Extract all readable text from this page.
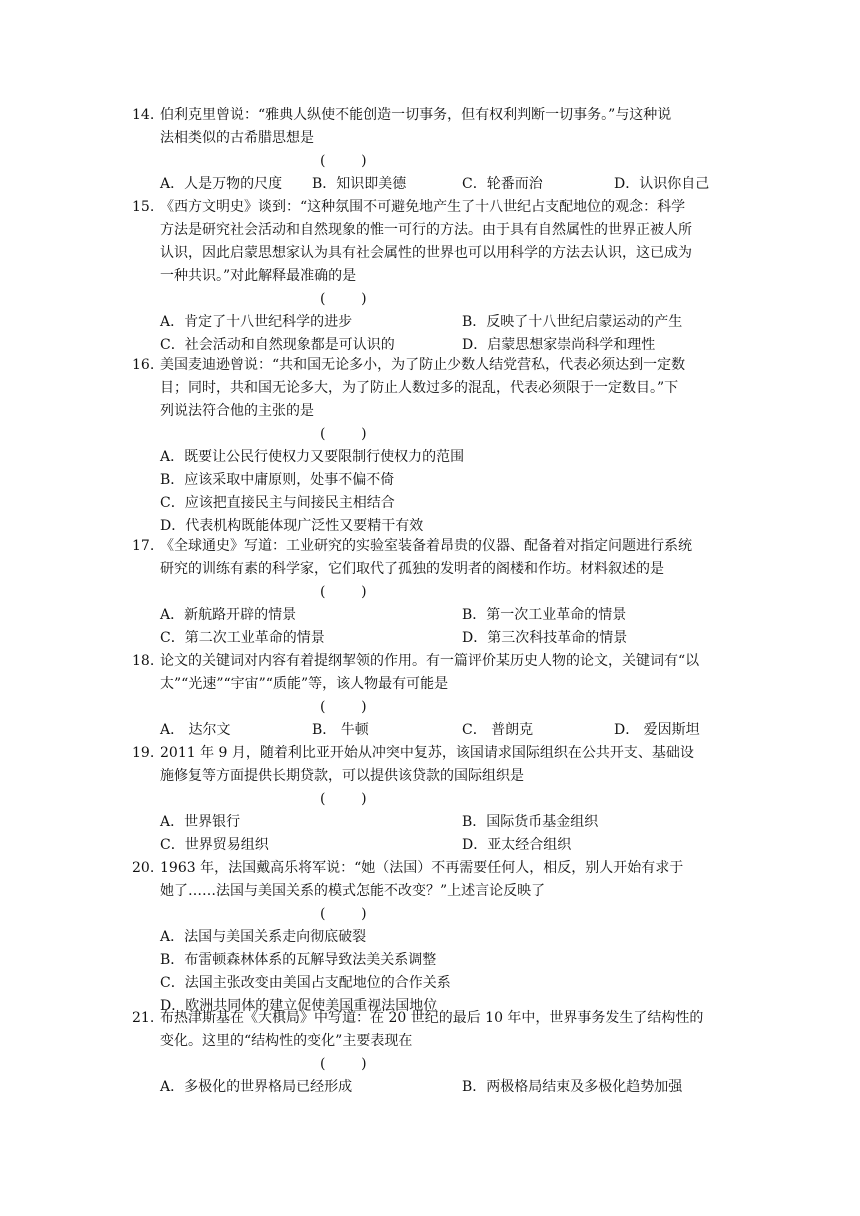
14. 伯利克里曾说：“雅典人纵使不能创造一切事务，但有权利判断一切事务。”与这种说
法相类似的古希腊思想是
(        )
A．人是万物的尺度 B．知识即美德	C．轮番而治	D．认识你自己
15. 《西方文明史》谈到：“这种氛围不可避免地产生了十八世纪占支配地位的观念：科学
方法是研究社会活动和自然现象的惟一可行的方法。由于具有自然属性的世界正被人所
认识，因此启蒙思想家认为具有社会属性的世界也可以用科学的方法去认识，这已成为
一种共识。”对此解释最准确的是
(        )
A．肯定了十八世纪科学的进步	B．反映了十八世纪启蒙运动的产生
C．社会活动和自然现象都是可认识的	D．启蒙思想家崇尚科学和理性
16. 美国麦迪逊曾说：“共和国无论多小，为了防止少数人结党营私，代表必须达到一定数
目；同时，共和国无论多大，为了防止人数过多的混乱，代表必须限于一定数目。”下
列说法符合他的主张的是
(        )
A．既要让公民行使权力又要限制行使权力的范围
B．应该采取中庸原则，处事不偏不倚
C．应该把直接民主与间接民主相结合
D．代表机构既能体现广泛性又要精干有效
17. 《全球通史》写道：工业研究的实验室装备着昂贵的仪器、配备着对指定问题进行系统
研究的训练有素的科学家，它们取代了孤独的发明者的阁楼和作坊。材料叙述的是
(        )
A．新航路开辟的情景	B．第一次工业革命的情景
C．第二次工业革命的情景	D．第三次科技革命的情景
18. 论文的关键词对内容有着提纲挈领的作用。有一篇评价某历史人物的论文，关键词有“以
太”“光速”“宇宙”“质能”等，该人物最有可能是
(        )
A． 达尔文	B． 牛顿	C． 普朗克	D． 爱因斯坦
19. 2011 年 9 月，随着利比亚开始从冲突中复苏，该国请求国际组织在公共开支、基础设
施修复等方面提供长期贷款，可以提供该贷款的国际组织是
(        )
A．世界银行	B．国际货币基金组织
C．世界贸易组织	D．亚太经合组织
20. 1963 年，法国戴高乐将军说：“她（法国）不再需要任何人，相反，别人开始有求于
她了……法国与美国关系的模式怎能不改变？”上述言论反映了
(        )
A．法国与美国关系走向彻底破裂
B．布雷顿森林体系的瓦解导致法美关系调整
C．法国主张改变由美国占支配地位的合作关系
D．欧洲共同体的建立促使美国重视法国地位
21. 布热津斯基在《大棋局》中写道：在 20 世纪的最后 10 年中，世界事务发生了结构性的
变化。这里的“结构性的变化”主要表现在
(        )
A．多极化的世界格局已经形成	B．两极格局结束及多极化趋势加强
